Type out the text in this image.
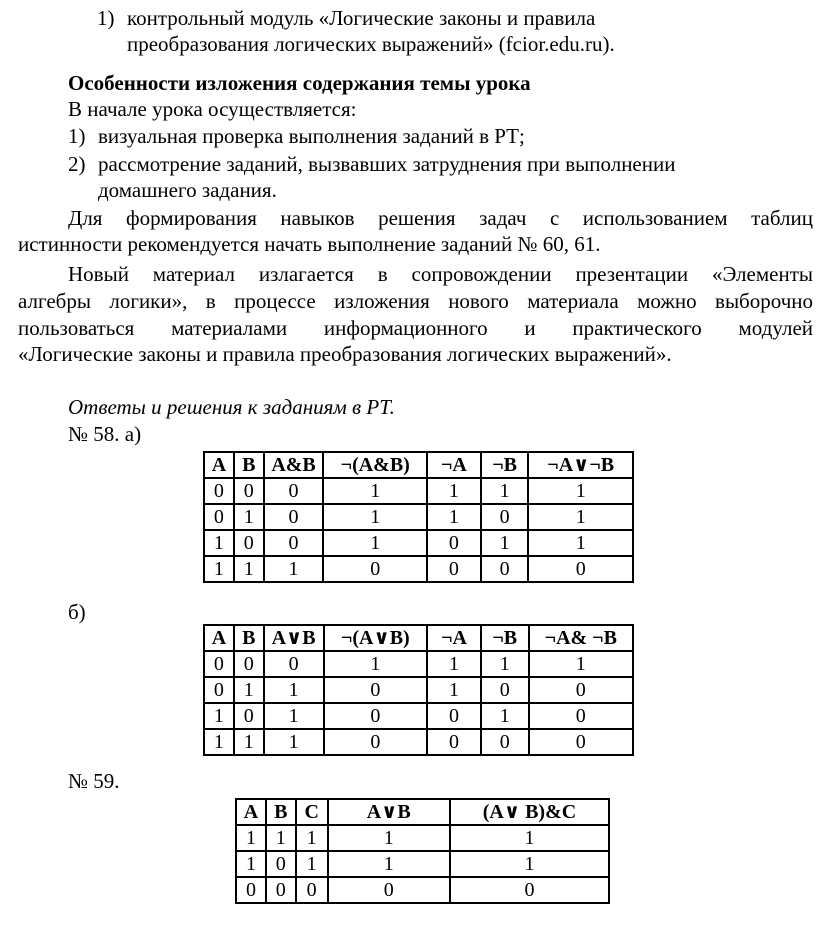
1) контрольный модуль «Логические законы и правила
преобразования логических выражений» (fcior.edu.ru).
Особенности изложения содержания темы урока
В начале урока осуществляется:
1) визуальная проверка выполнения заданий в РТ;
2) рассмотрение заданий, вызвавших затруднения при выполнении
домашнего задания.
Для формирования навыков решения задач с использованием таблиц
истинности рекомендуется начать выполнение заданий № 60, 61.
Новый материал излагается в сопровождении презентации «Элементы
алгебры логики», в процессе изложения нового материала можно выборочно
пользоваться материалами информационного и практического модулей
«Логические законы и правила преобразования логических выражений».
Ответы и решения к заданиям в РТ.
№ 58. а)
A	B	A&B	¬(A&B)	¬A	¬B	¬A∨¬B
0	0	0	1	1	1	1
0	1	0	1	1	0	1
1	0	0	1	0	1	1
1	1	1	0	0	0	0
б)
A	B	A∨B	¬(A∨B)	¬A	¬B	¬A& ¬B
0	0	0	1	1	1	1
0	1	1	0	1	0	0
1	0	1	0	0	1	0
1	1	1	0	0	0	0
№ 59.
A	B	C	A∨B	(A∨ B)&C
1	1	1	1	1
1	0	1	1	1
0	0	0	0	0
